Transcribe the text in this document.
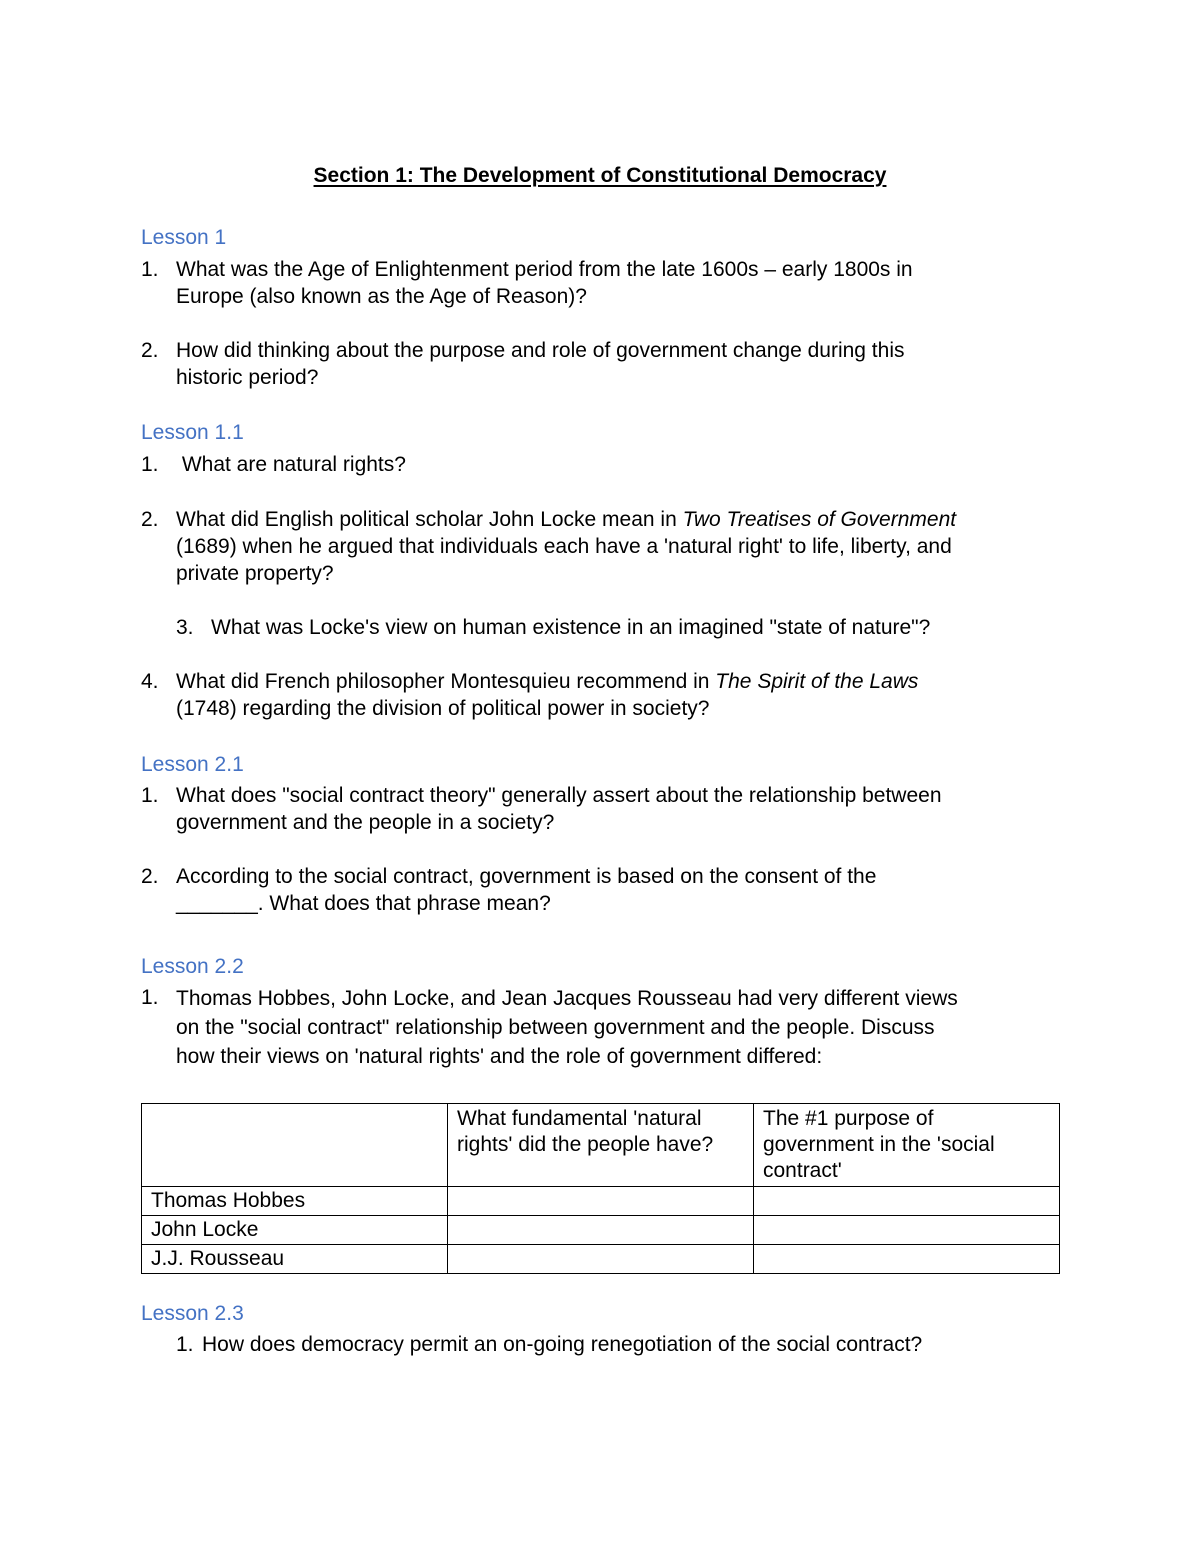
Section 1: The Development of Constitutional Democracy
Lesson 1
1. What was the Age of Enlightenment period from the late 1600s – early 1800s in
Europe (also known as the Age of Reason)?
2. How did thinking about the purpose and role of government change during this
historic period?
Lesson 1.1
1. What are natural rights?
2. What did English political scholar John Locke mean in Two Treatises of Government
(1689) when he argued that individuals each have a 'natural right' to life, liberty, and
private property?
3. What was Locke's view on human existence in an imagined "state of nature"?
4. What did French philosopher Montesquieu recommend in The Spirit of the Laws
(1748) regarding the division of political power in society?
Lesson 2.1
1. What does "social contract theory" generally assert about the relationship between
government and the people in a society?
2. According to the social contract, government is based on the consent of the
_______. What does that phrase mean?
Lesson 2.2
1. Thomas Hobbes, John Locke, and Jean Jacques Rousseau had very different views
on the "social contract" relationship between government and the people. Discuss
how their views on 'natural rights' and the role of government differed:
	What fundamental 'natural rights' did the people have?	The #1 purpose of government in the 'social contract'
Thomas Hobbes		
John Locke		
J.J. Rousseau		
Lesson 2.3
1. How does democracy permit an on-going renegotiation of the social contract?
